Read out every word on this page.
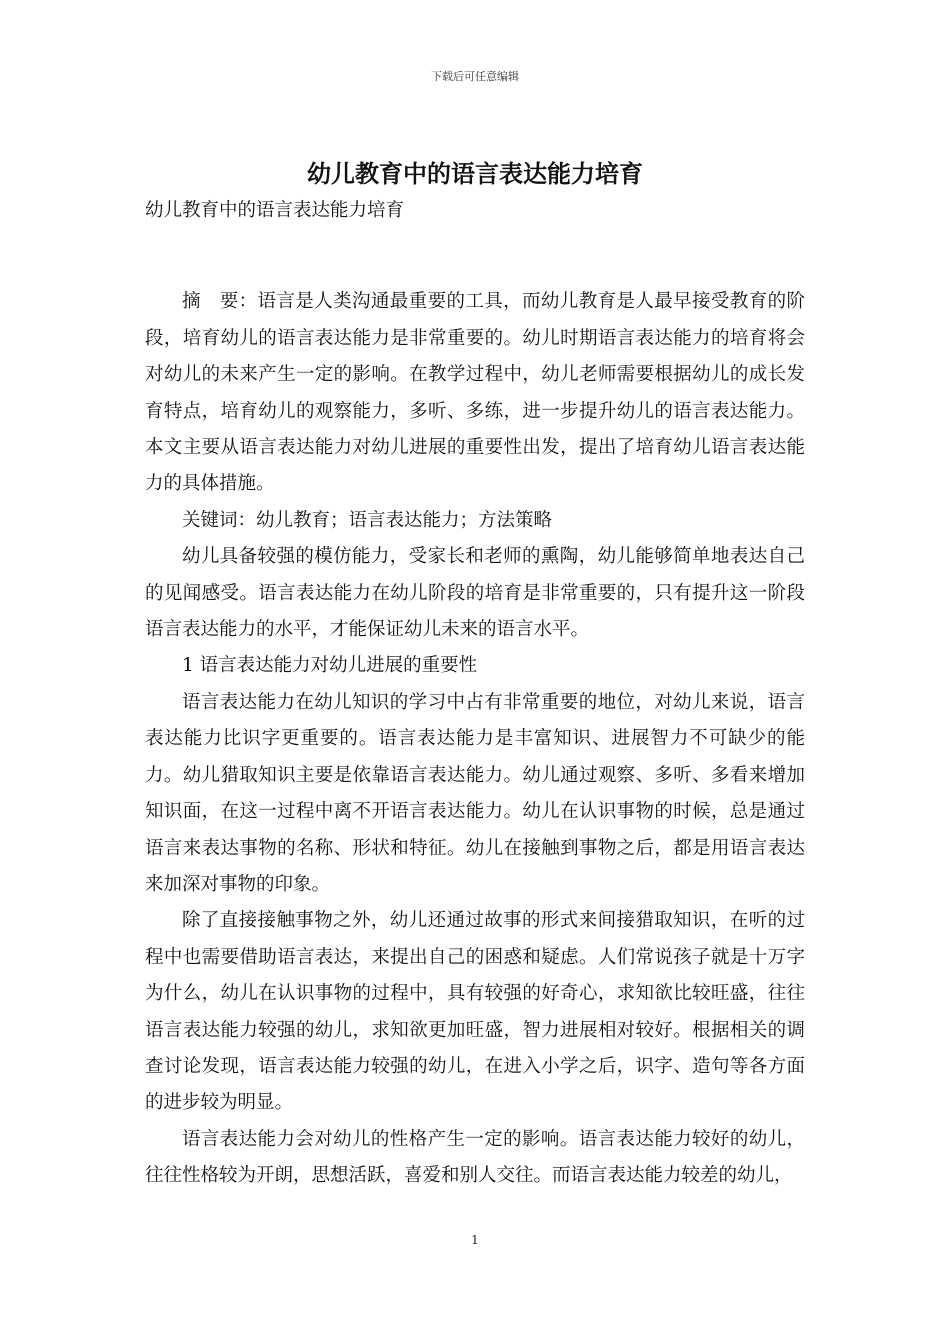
下载后可任意编辑
幼儿教育中的语言表达能力培育

幼儿教育中的语言表达能力培育

摘　要：语言是人类沟通最重要的工具，而幼儿教育是人最早接受教育的阶段，培育幼儿的语言表达能力是非常重要的。幼儿时期语言表达能力的培育将会对幼儿的未来产生一定的影响。在教学过程中，幼儿老师需要根据幼儿的成长发育特点，培育幼儿的观察能力，多听、多练，进一步提升幼儿的语言表达能力。本文主要从语言表达能力对幼儿进展的重要性出发，提出了培育幼儿语言表达能力的具体措施。

关键词：幼儿教育；语言表达能力；方法策略

幼儿具备较强的模仿能力，受家长和老师的熏陶，幼儿能够简单地表达自己的见闻感受。语言表达能力在幼儿阶段的培育是非常重要的，只有提升这一阶段语言表达能力的水平，才能保证幼儿未来的语言水平。

1 语言表达能力对幼儿进展的重要性

语言表达能力在幼儿知识的学习中占有非常重要的地位，对幼儿来说，语言表达能力比识字更重要的。语言表达能力是丰富知识、进展智力不可缺少的能力。幼儿猎取知识主要是依靠语言表达能力。幼儿通过观察、多听、多看来增加知识面，在这一过程中离不开语言表达能力。幼儿在认识事物的时候，总是通过语言来表达事物的名称、形状和特征。幼儿在接触到事物之后，都是用语言表达来加深对事物的印象。

除了直接接触事物之外，幼儿还通过故事的形式来间接猎取知识，在听的过程中也需要借助语言表达，来提出自己的困惑和疑虑。人们常说孩子就是十万字为什么，幼儿在认识事物的过程中，具有较强的好奇心，求知欲比较旺盛，往往语言表达能力较强的幼儿，求知欲更加旺盛，智力进展相对较好。根据相关的调查讨论发现，语言表达能力较强的幼儿，在进入小学之后，识字、造句等各方面的进步较为明显。

语言表达能力会对幼儿的性格产生一定的影响。语言表达能力较好的幼儿，往往性格较为开朗，思想活跃，喜爱和别人交往。而语言表达能力较差的幼儿，

1
